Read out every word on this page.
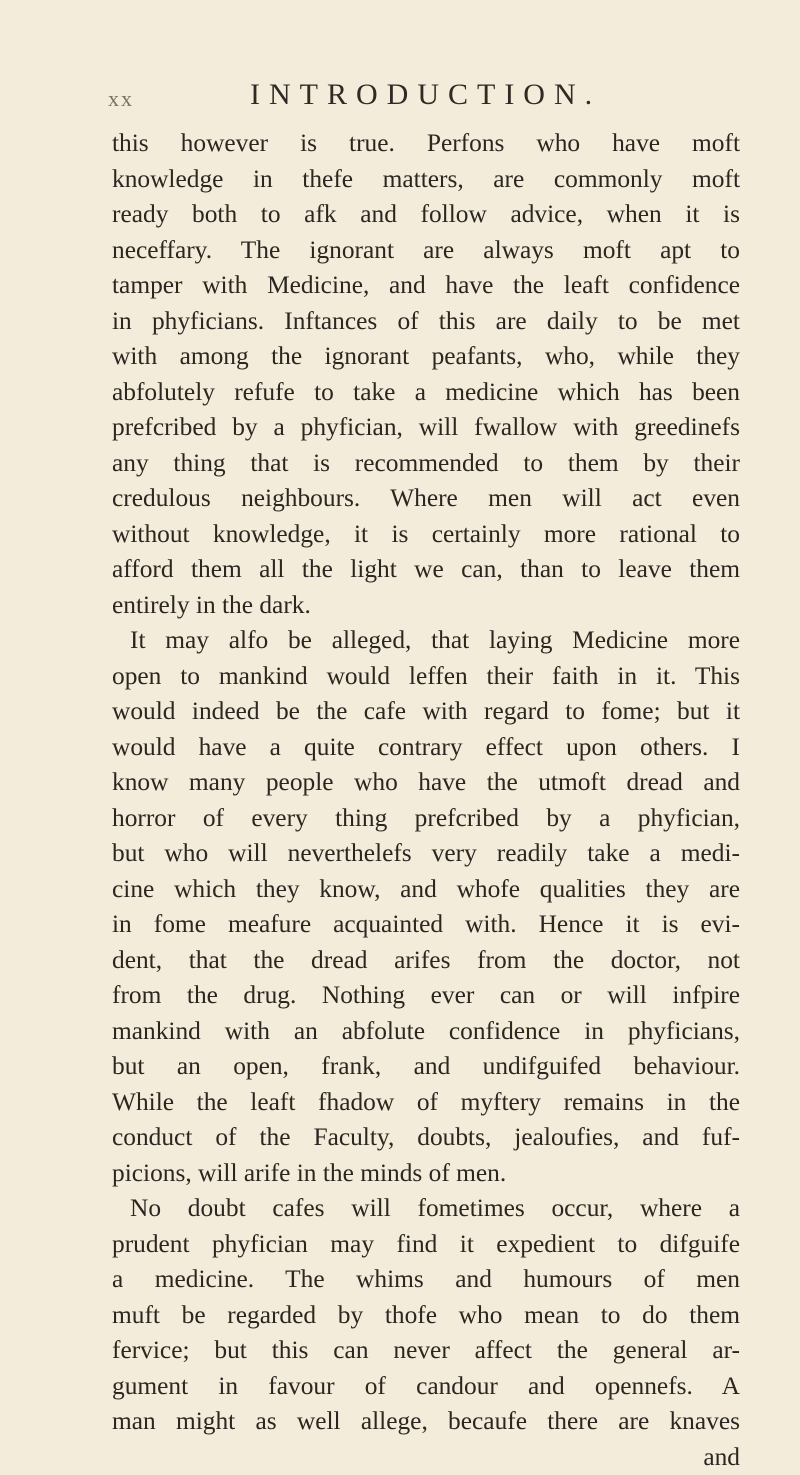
xx	INTRODUCTION.
this however is true. Perfons who have moft
knowledge in thefe matters, are commonly moft
ready both to afk and follow advice, when it is
neceffary. The ignorant are always moft apt to
tamper with Medicine, and have the leaft confidence
in phyficians. Inftances of this are daily to be met
with among the ignorant peafants, who, while they
abfolutely refufe to take a medicine which has been
prefcribed by a phyfician, will fwallow with greedinefs
any thing that is recommended to them by their
credulous neighbours. Where men will act even
without knowledge, it is certainly more rational to
afford them all the light we can, than to leave them
entirely in the dark.
It may alfo be alleged, that laying Medicine more
open to mankind would leffen their faith in it. This
would indeed be the cafe with regard to fome; but it
would have a quite contrary effect upon others. I
know many people who have the utmoft dread and
horror of every thing prefcribed by a phyfician,
but who will neverthelefs very readily take a medi-
cine which they know, and whofe qualities they are
in fome meafure acquainted with. Hence it is evi-
dent, that the dread arifes from the doctor, not
from the drug. Nothing ever can or will infpire
mankind with an abfolute confidence in phyficians,
but an open, frank, and undifguifed behaviour.
While the leaft fhadow of myftery remains in the
conduct of the Faculty, doubts, jealoufies, and fuf-
picions, will arife in the minds of men.
No doubt cafes will fometimes occur, where a
prudent phyfician may find it expedient to difguife
a medicine. The whims and humours of men
muft be regarded by thofe who mean to do them
fervice; but this can never affect the general ar-
gument in favour of candour and opennefs. A
man might as well allege, becaufe there are knaves
and
